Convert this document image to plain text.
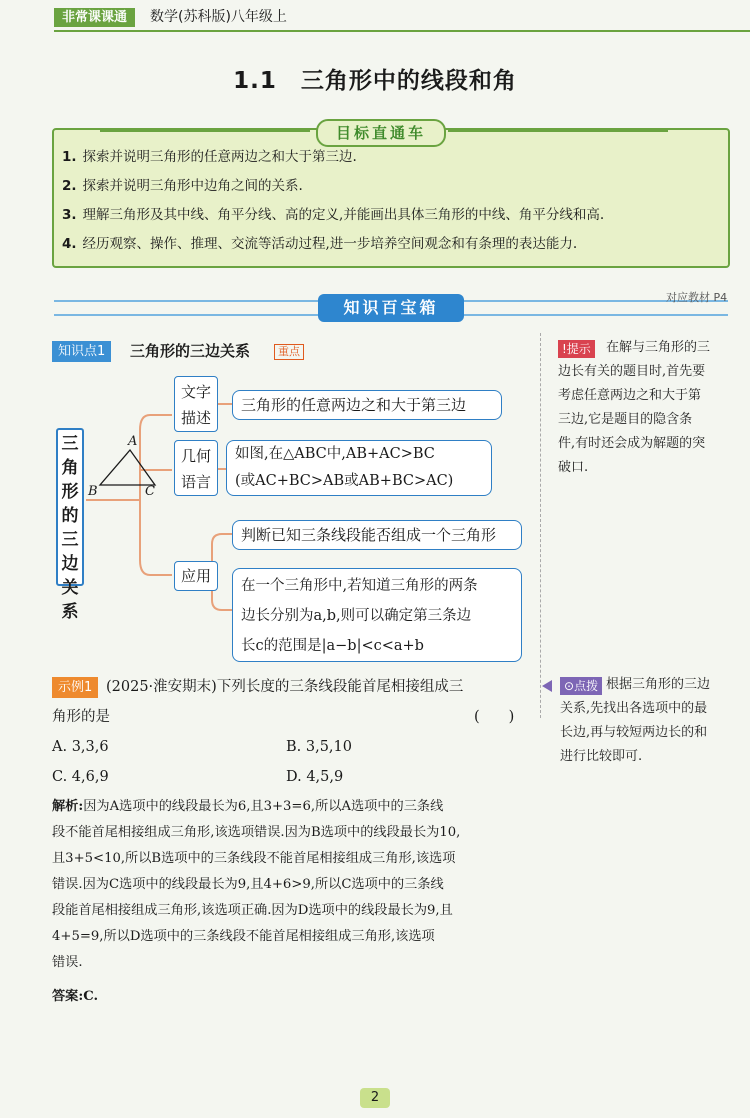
非常课课通	数学(苏科版)八年级上
1.1　三角形中的线段和角
目标直通车
1. 探索并说明三角形的任意两边之和大于第三边.
2. 探索并说明三角形中边角之间的关系.
3. 理解三角形及其中线、角平分线、高的定义,并能画出具体三角形的中线、角平分线和高.
4. 经历观察、操作、推理、交流等活动过程,进一步培养空间观念和有条理的表达能力.
知识百宝箱
对应教材 P4
知识点1	三角形的三边关系	重点
A
B	C
三角形的三边关系
文字
描述
三角形的任意两边之和大于第三边
几何
语言
如图,在△ABC中,AB+AC>BC
(或AC+BC>AB或AB+BC>AC)
应用
判断已知三条线段能否组成一个三角形
在一个三角形中,若知道三角形的两条
边长分别为a,b,则可以确定第三条边
长c的范围是|a−b|<c<a+b
!提示	在解与三角形的三
边长有关的题目时,首先要
考虑任意两边之和大于第
三边,它是题目的隐含条
件,有时还会成为解题的突
破口.
示例1 (2025·淮安期末)下列长度的三条线段能首尾相接组成三
角形的是	(　　)
A. 3,3,6	B. 3,5,10
C. 4,6,9	D. 4,5,9
解析:因为A选项中的线段最长为6,且3+3=6,所以A选项中的三条线
段不能首尾相接组成三角形,该选项错误.因为B选项中的线段最长为10,
且3+5<10,所以B选项中的三条线段不能首尾相接组成三角形,该选项
错误.因为C选项中的线段最长为9,且4+6>9,所以C选项中的三条线
段能首尾相接组成三角形,该选项正确.因为D选项中的线段最长为9,且
4+5=9,所以D选项中的三条线段不能首尾相接组成三角形,该选项
错误.
答案:C.
⊙点拨 根据三角形的三边
关系,先找出各选项中的最
长边,再与较短两边长的和
进行比较即可.
2
